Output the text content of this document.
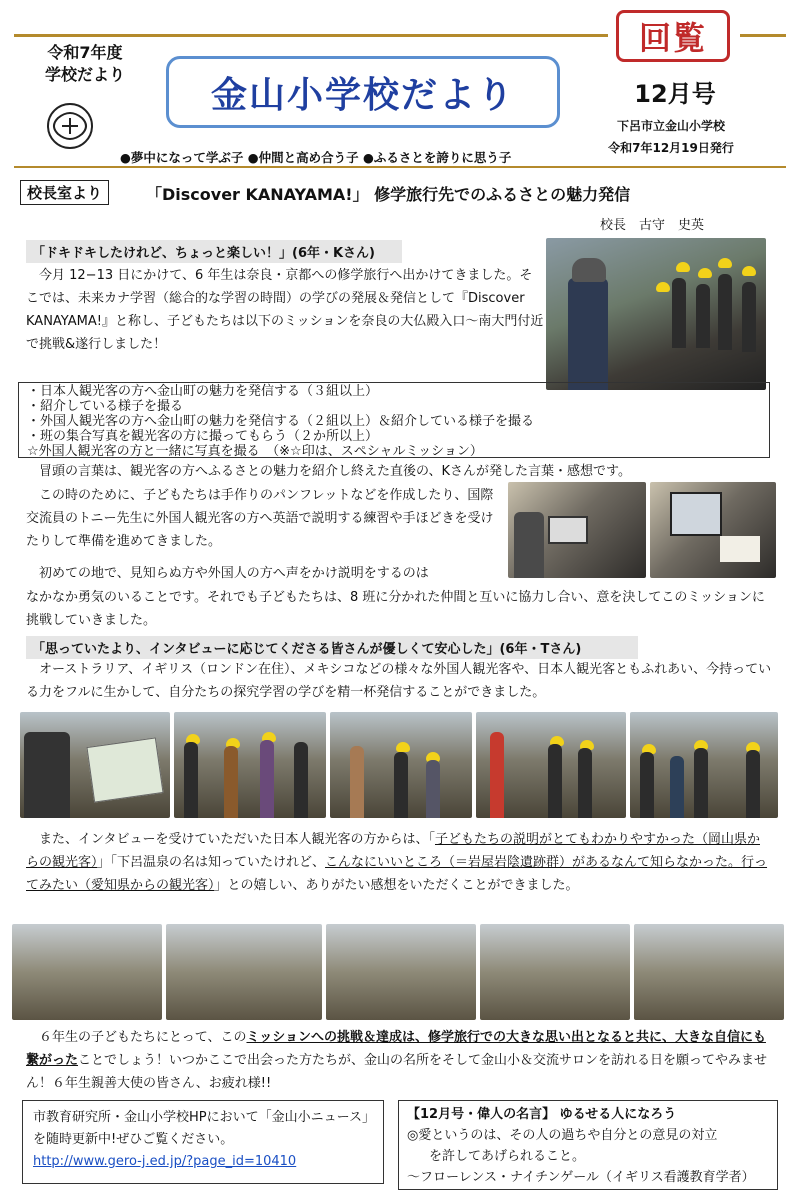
令和7年度
学校だより	金山小学校だより
回覧
12月号
下呂市立金山小学校
令和7年12月19日発行
●夢中になって学ぶ子 ●仲間と高め合う子 ●ふるさとを誇りに思う子
校長室より	「Discover KANAYAMA!」 修学旅行先でのふるさとの魅力発信
校長　古守　史英
「ドキドキしたけれど、ちょっと楽しい！」(6年・Kさん)
　今月 12−13 日にかけて、6 年生は奈良・京都への修学旅行へ出かけてきました。そこでは、未来カナ学習（総合的な学習の時間）の学びの発展＆発信として『Discover KANAYAMA!』と称し、子どもたちは以下のミッションを奈良の大仏殿入口〜南大門付近で挑戦&遂行しました！
・日本人観光客の方へ金山町の魅力を発信する（３組以上）
・紹介している様子を撮る
・外国人観光客の方へ金山町の魅力を発信する（２組以上）＆紹介している様子を撮る
・班の集合写真を観光客の方に撮ってもらう（２か所以上）
☆外国人観光客の方と一緒に写真を撮る　（※☆印は、スペシャルミッション）
　冒頭の言葉は、観光客の方へふるさとの魅力を紹介し終えた直後の、Kさんが発した言葉・感想です。
　この時のために、子どもたちは手作りのパンフレットなどを作成したり、国際交流員のトニー先生に外国人観光客の方へ英語で説明する練習や手ほどきを受けたりして準備を進めてきました。
　初めての地で、見知らぬ方や外国人の方へ声をかけ説明をするのは
なかなか勇気のいることです。それでも子どもたちは、8 班に分かれた仲間と互いに協力し合い、意を決してこのミッションに挑戦していきました。
「思っていたより、インタビューに応じてくださる皆さんが優しくて安心した」(6年・Tさん)
　オーストラリア、イギリス（ロンドン在住）、メキシコなどの様々な外国人観光客や、日本人観光客ともふれあい、今持っている力をフルに生かして、自分たちの探究学習の学びを精一杯発信することができました。
　また、インタビューを受けていただいた日本人観光客の方からは、「子どもたちの説明がとてもわかりやすかった（岡山県からの観光客）」「下呂温泉の名は知っていたけれど、こんなにいいところ（＝岩屋岩陰遺跡群）があるなんて知らなかった。行ってみたい（愛知県からの観光客）」との嬉しい、ありがたい感想をいただくことができました。
　６年生の子どもたちにとって、このミッションへの挑戦＆達成は、修学旅行での大きな思い出となると共に、大きな自信にも繋がったことでしょう！いつかここで出会った方たちが、金山の名所をそして金山小＆交流サロンを訪れる日を願ってやみません！６年生親善大使の皆さん、お疲れ様!!
市教育研究所・金山小学校HPにおいて「金山小ニュース」を随時更新中!ぜひご覧ください。
http://www.gero-j.ed.jp/?page_id=10410
【12月号・偉人の名言】 ゆるせる人になろう
◎愛というのは、その人の過ちや自分との意見の対立
を許してあげられること。
〜フローレンス・ナイチンゲール（イギリス看護教育学者）
